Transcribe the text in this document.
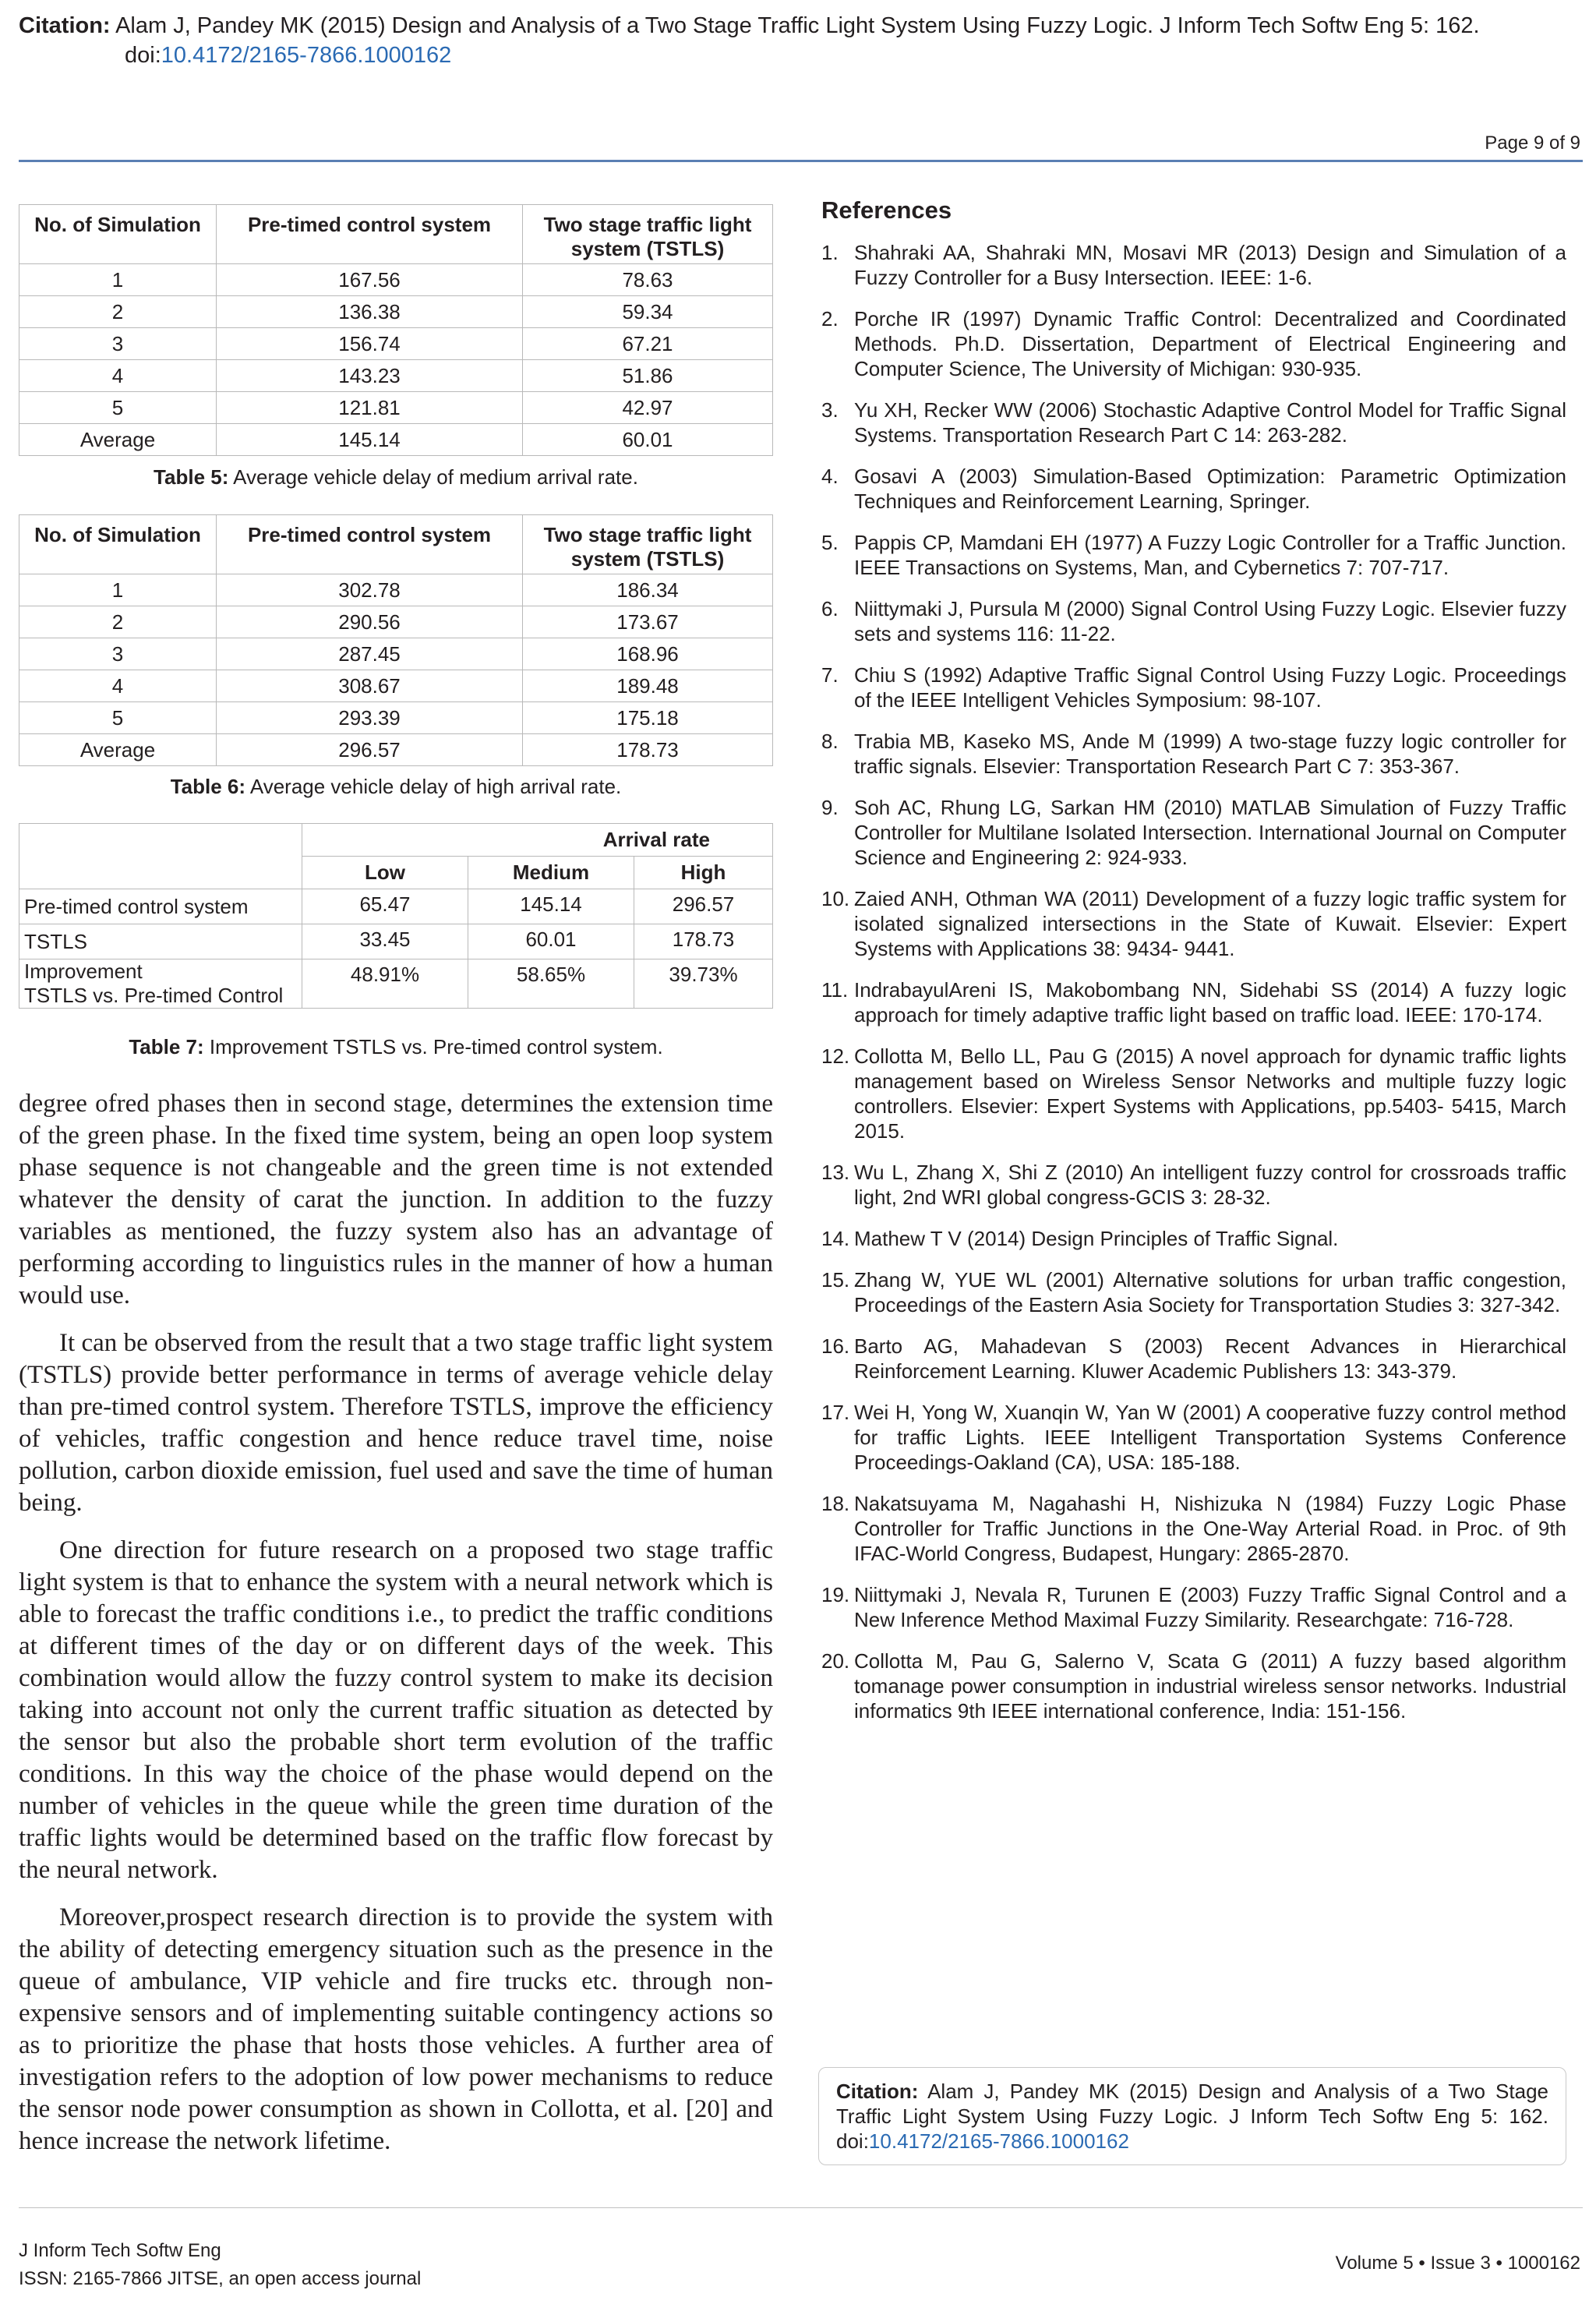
Citation: Alam J, Pandey MK (2015) Design and Analysis of a Two Stage Traffic Light System Using Fuzzy Logic. J Inform Tech Softw Eng 5: 162.
doi:10.4172/2165-7866.1000162
Page 9 of 9
No. of Simulation	Pre-timed control system	Two stage traffic light system (TSTLS)
1	167.56	78.63
2	136.38	59.34
3	156.74	67.21
4	143.23	51.86
5	121.81	42.97
Average	145.14	60.01
Table 5: Average vehicle delay of medium arrival rate.
No. of Simulation	Pre-timed control system	Two stage traffic light system (TSTLS)
1	302.78	186.34
2	290.56	173.67
3	287.45	168.96
4	308.67	189.48
5	293.39	175.18
Average	296.57	178.73
Table 6: Average vehicle delay of high arrival rate.
	Arrival rate		
	Low	Medium	High

Pre-timed control system	65.47	145.14	296.57

TSTLS	33.45	60.01	178.73

Improvement
TSTLS vs. Pre-timed Control	48.91%	58.65%	39.73%
Table 7: Improvement TSTLS vs. Pre-timed control system.

degree ofred phases then in second stage, determines the extension time of the green phase. In the fixed time system, being an open loop system phase sequence is not changeable and the green time is not extended whatever the density of carat the junction. In addition to the fuzzy variables as mentioned, the fuzzy system also has an advantage of performing according to linguistics rules in the manner of how a human would use.

It can be observed from the result that a two stage traffic light system (TSTLS) provide better performance in terms of average vehicle delay than pre-timed control system. Therefore TSTLS, improve the efficiency of vehicles, traffic congestion and hence reduce travel time, noise pollution, carbon dioxide emission, fuel used and save the time of human being.

One direction for future research on a proposed two stage traffic light system is that to enhance the system with a neural network which is able to forecast the traffic conditions i.e., to predict the traffic conditions at different times of the day or on different days of the week. This combination would allow the fuzzy control system to make its decision taking into account not only the current traffic situation as detected by the sensor but also the probable short term evolution of the traffic conditions. In this way the choice of the phase would depend on the number of vehicles in the queue while the green time duration of the traffic lights would be determined based on the traffic flow forecast by the neural network.

Moreover,prospect research direction is to provide the system with the ability of detecting emergency situation such as the presence in the queue of ambulance, VIP vehicle and fire trucks etc. through non-expensive sensors and of implementing suitable contingency actions so as to prioritize the phase that hosts those vehicles. A further area of investigation refers to the adoption of low power mechanisms to reduce the sensor node power consumption as shown in Collotta, et al. [20] and hence increase the network lifetime.

References
1. Shahraki AA, Shahraki MN, Mosavi MR (2013) Design and Simulation of a Fuzzy Controller for a Busy Intersection. IEEE: 1-6.
2. Porche IR (1997) Dynamic Traffic Control: Decentralized and Coordinated Methods. Ph.D. Dissertation, Department of Electrical Engineering and Computer Science, The University of Michigan: 930-935.
3. Yu XH, Recker WW (2006) Stochastic Adaptive Control Model for Traffic Signal Systems. Transportation Research Part C 14: 263-282.
4. Gosavi A (2003) Simulation-Based Optimization: Parametric Optimization Techniques and Reinforcement Learning, Springer.
5. Pappis CP, Mamdani EH (1977) A Fuzzy Logic Controller for a Traffic Junction. IEEE Transactions on Systems, Man, and Cybernetics 7: 707-717.
6. Niittymaki J, Pursula M (2000) Signal Control Using Fuzzy Logic. Elsevier fuzzy sets and systems 116: 11-22.
7. Chiu S (1992) Adaptive Traffic Signal Control Using Fuzzy Logic. Proceedings of the IEEE Intelligent Vehicles Symposium: 98-107.
8. Trabia MB, Kaseko MS, Ande M (1999) A two-stage fuzzy logic controller for traffic signals. Elsevier: Transportation Research Part C 7: 353-367.
9. Soh AC, Rhung LG, Sarkan HM (2010) MATLAB Simulation of Fuzzy Traffic Controller for Multilane Isolated Intersection. International Journal on Computer Science and Engineering 2: 924-933.
10. Zaied ANH, Othman WA (2011) Development of a fuzzy logic traffic system for isolated signalized intersections in the State of Kuwait. Elsevier: Expert Systems with Applications 38: 9434- 9441.
11. IndrabayulAreni IS, Makobombang NN, Sidehabi SS (2014) A fuzzy logic approach for timely adaptive traffic light based on traffic load. IEEE: 170-174.
12. Collotta M, Bello LL, Pau G (2015) A novel approach for dynamic traffic lights management based on Wireless Sensor Networks and multiple fuzzy logic controllers. Elsevier: Expert Systems with Applications, pp.5403- 5415, March 2015.
13. Wu L, Zhang X, Shi Z (2010) An intelligent fuzzy control for crossroads traffic light, 2nd WRI global congress-GCIS 3: 28-32.
14. Mathew T V (2014) Design Principles of Traffic Signal.
15. Zhang W, YUE WL (2001) Alternative solutions for urban traffic congestion, Proceedings of the Eastern Asia Society for Transportation Studies 3: 327-342.
16. Barto AG, Mahadevan S (2003) Recent Advances in Hierarchical Reinforcement Learning. Kluwer Academic Publishers 13: 343-379.
17. Wei H, Yong W, Xuanqin W, Yan W (2001) A cooperative fuzzy control method for traffic Lights. IEEE Intelligent Transportation Systems Conference Proceedings-Oakland (CA), USA: 185-188.
18. Nakatsuyama M, Nagahashi H, Nishizuka N (1984) Fuzzy Logic Phase Controller for Traffic Junctions in the One-Way Arterial Road. in Proc. of 9th IFAC-World Congress, Budapest, Hungary: 2865-2870.
19. Niittymaki J, Nevala R, Turunen E (2003) Fuzzy Traffic Signal Control and a New Inference Method Maximal Fuzzy Similarity. Researchgate: 716-728.
20. Collotta M, Pau G, Salerno V, Scata G (2011) A fuzzy based algorithm tomanage power consumption in industrial wireless sensor networks. Industrial informatics 9th IEEE international conference, India: 151-156.
Citation: Alam J, Pandey MK (2015) Design and Analysis of a Two Stage Traffic Light System Using Fuzzy Logic. J Inform Tech Softw Eng 5: 162. doi:10.4172/2165-7866.1000162
J Inform Tech Softw Eng
ISSN: 2165-7866 JITSE, an open access journal
Volume 5 • Issue 3 • 1000162
